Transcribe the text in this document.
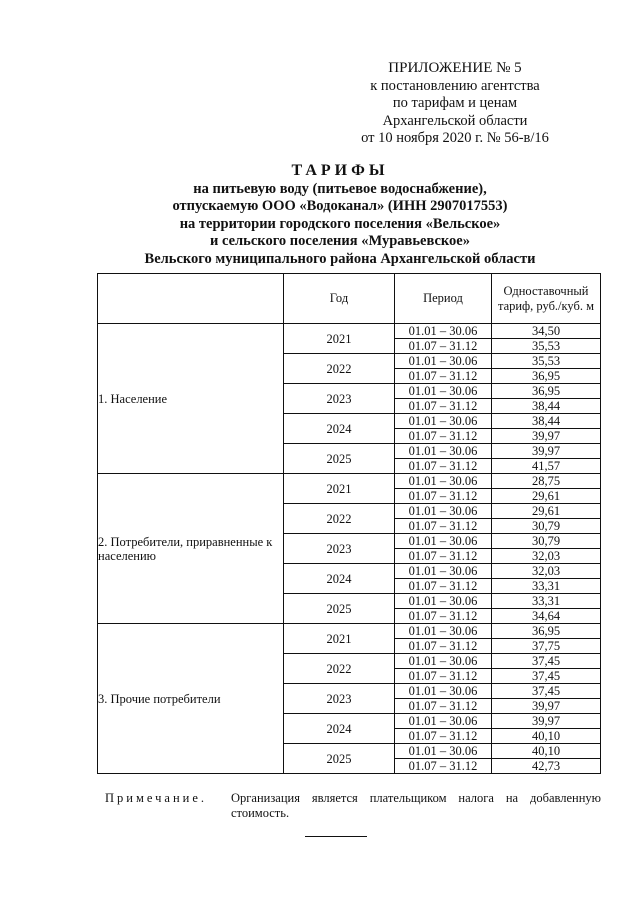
ПРИЛОЖЕНИЕ № 5
к постановлению агентства
по тарифам и ценам
Архангельской области
от 10 ноября 2020 г. № 56-в/16
ТАРИФЫ
на питьевую воду (питьевое водоснабжение),
отпускаемую ООО «Водоканал» (ИНН 2907017553)
на территории городского поселения «Вельское»
и сельского поселения «Муравьевское»
Вельского муниципального района Архангельской области
	Год	Период	Одноставочный тариф, руб./куб. м
1. Население	2021	01.01 – 30.06	34,50
		01.07 – 31.12	35,53
	2022	01.01 – 30.06	35,53
		01.07 – 31.12	36,95
	2023	01.01 – 30.06	36,95
		01.07 – 31.12	38,44
	2024	01.01 – 30.06	38,44
		01.07 – 31.12	39,97
	2025	01.01 – 30.06	39,97
		01.07 – 31.12	41,57
2. Потребители, приравненные к населению	2021	01.01 – 30.06	28,75
		01.07 – 31.12	29,61
	2022	01.01 – 30.06	29,61
		01.07 – 31.12	30,79
	2023	01.01 – 30.06	30,79
		01.07 – 31.12	32,03
	2024	01.01 – 30.06	32,03
		01.07 – 31.12	33,31
	2025	01.01 – 30.06	33,31
		01.07 – 31.12	34,64
3. Прочие потребители	2021	01.01 – 30.06	36,95
		01.07 – 31.12	37,75
	2022	01.01 – 30.06	37,45
		01.07 – 31.12	37,45
	2023	01.01 – 30.06	37,45
		01.07 – 31.12	39,97
	2024	01.01 – 30.06	39,97
		01.07 – 31.12	40,10
	2025	01.01 – 30.06	40,10
		01.07 – 31.12	42,73
Примечание. Организация является плательщиком налога на добавленную стоимость.
